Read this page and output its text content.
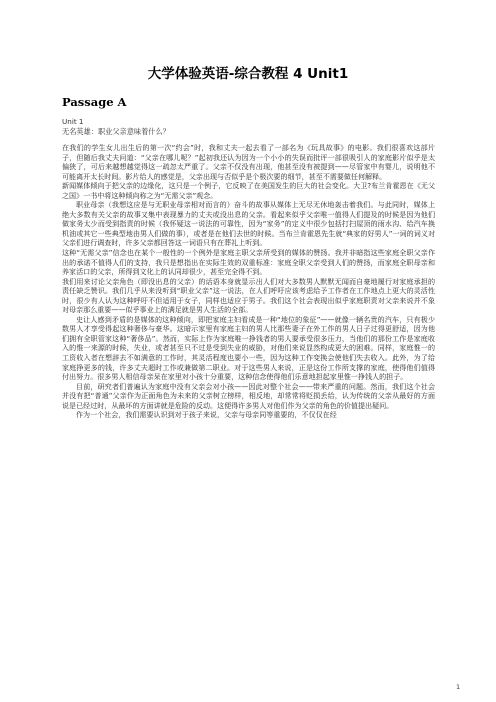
大学体验英语-综合教程 4 Unit1

Passage A

Unit 1

无名英雄：职业父亲意味着什么？

在我们的学生女儿出生后的第一次“约会”时，我和丈夫一起去看了一部名为《玩具故事》的电影。我们很喜欢这部片子，但随后我丈夫问道：“父亲在哪儿呢？”起初我还认为因为一个小小的失误而批评一部很吸引人的家庭影片似乎是太偏狭了，可后来越想越觉得这一疏忽太严重了。父亲不仅没有出现，他甚至没有被提到——尽管家中有婴儿，说明他不可能离开太长时间。影片给人的感觉是，父亲出现与否似乎是个极次要的细节，甚至不需要做任何解释。

新闻媒体倾向于把父亲的边缘化，这只是一个例子，它反映了在美国发生的巨大的社会变化。大卫?布兰肯霍恩在《无父之国》一书中将这种倾向称之为“无需父亲”观念。

职业母亲（我想这应是与无职业母亲相对而言的）奋斗的故事从媒体上无尽无休地轰击着我们。与此同时，媒体上绝大多数有关父亲的故事又集中表现暴力的丈夫或没出息的父亲。看起来似乎父亲唯一值得人们提及的时候是因为他们做家务太少而受到指责的时候（我怀疑这一说法的可靠性，因为“家务”的定义中很少包括打扫屋顶的雨水沟、给汽车换机油或其它一些典型地由男人们做的事），或者是在他们去世的时候。当布兰肯霍恩先生就“典家的好男人”一词的词义对父亲们进行调查时，许多父亲都回答这一词语只有在葬礼上听到。

这种“无需父亲”信念也在某个一般性的一个例外是家庭主职父亲所受到的媒体的赞扬。我并非暗指这些家庭全职父亲作出的承诺不值得人们的支持，我只是想指出在实际生效的双重标准：家庭全职父亲受到人们的赞扬，而家庭全职母亲和养家活口的父亲，所得到文化上的认同却很少，甚至完全得不到。

我们用来讨论父亲角色（即没出息的父亲）的话语本身就显示出人们对大多数男人默默无闻而自豪地履行对家庭承担的责任缺乏赞识。我们几乎从来没听到“职业父亲”这一说法，在人们呼吁应该考虑给予工作者在工作地点上更大的灵活性时，很少有人认为这种呼吁不但适用于女子，同样也适应于男子。我们这个社会表现出似乎家庭职责对父亲来说并不象对母亲那么重要——似乎事业上的满足就是男人生活的全部。

史让人感到矛盾的是媒体的这种倾向，即把家庭主妇看成是一种“地位的象征”——就像一辆名贵的汽车，只有极少数男人才享受得起这种奢侈与豪华。这暗示家里有家庭主妇的男人比那些妻子在外工作的男人日子过得更舒适，因为他们拥有全职管家这种“奢侈品”。然而，实际上作为家庭唯一挣钱者的男人要承受很多压力，当他们的那份工作是家庭收入的惟一来源的时候，失业，或者甚至只不过是受到失业的威胁，对他们来说显然构成更大的困难。同样，家庭惟一的工资收入者在想辞去不如满意的工作时，其灵活程度也要小一些，因为这种工作变换会使他们失去收入。此外，为了给家庭挣更多的钱，许多丈夫超时工作或兼做第二职业。对于这些男人来说，正是这份工作所支撑的家庭，使得他们值得付出努力。很多男人相信母亲呆在家里对小孩十分重要，这种信念使得他们乐意地担起家里惟一挣钱人的担子。

目前，研究者们普遍认为家庭中没有父亲会对小孩——因此对整个社会——带来严重的问题。然而，我们这个社会并没有把“普通”父亲作为正面角色为未来的父亲树立榜样，相反地，却常常将贬损丢给，认为传统的父亲从最好的方面说是已经过时，从最坏的方面讲就是危险的反动。这便得许多男人对他们作为父亲的角色的价值提出疑问。

作为一个社会，我们需要认识到对于孩子来说，父亲与母亲同等重要的，不仅仅在经

1
